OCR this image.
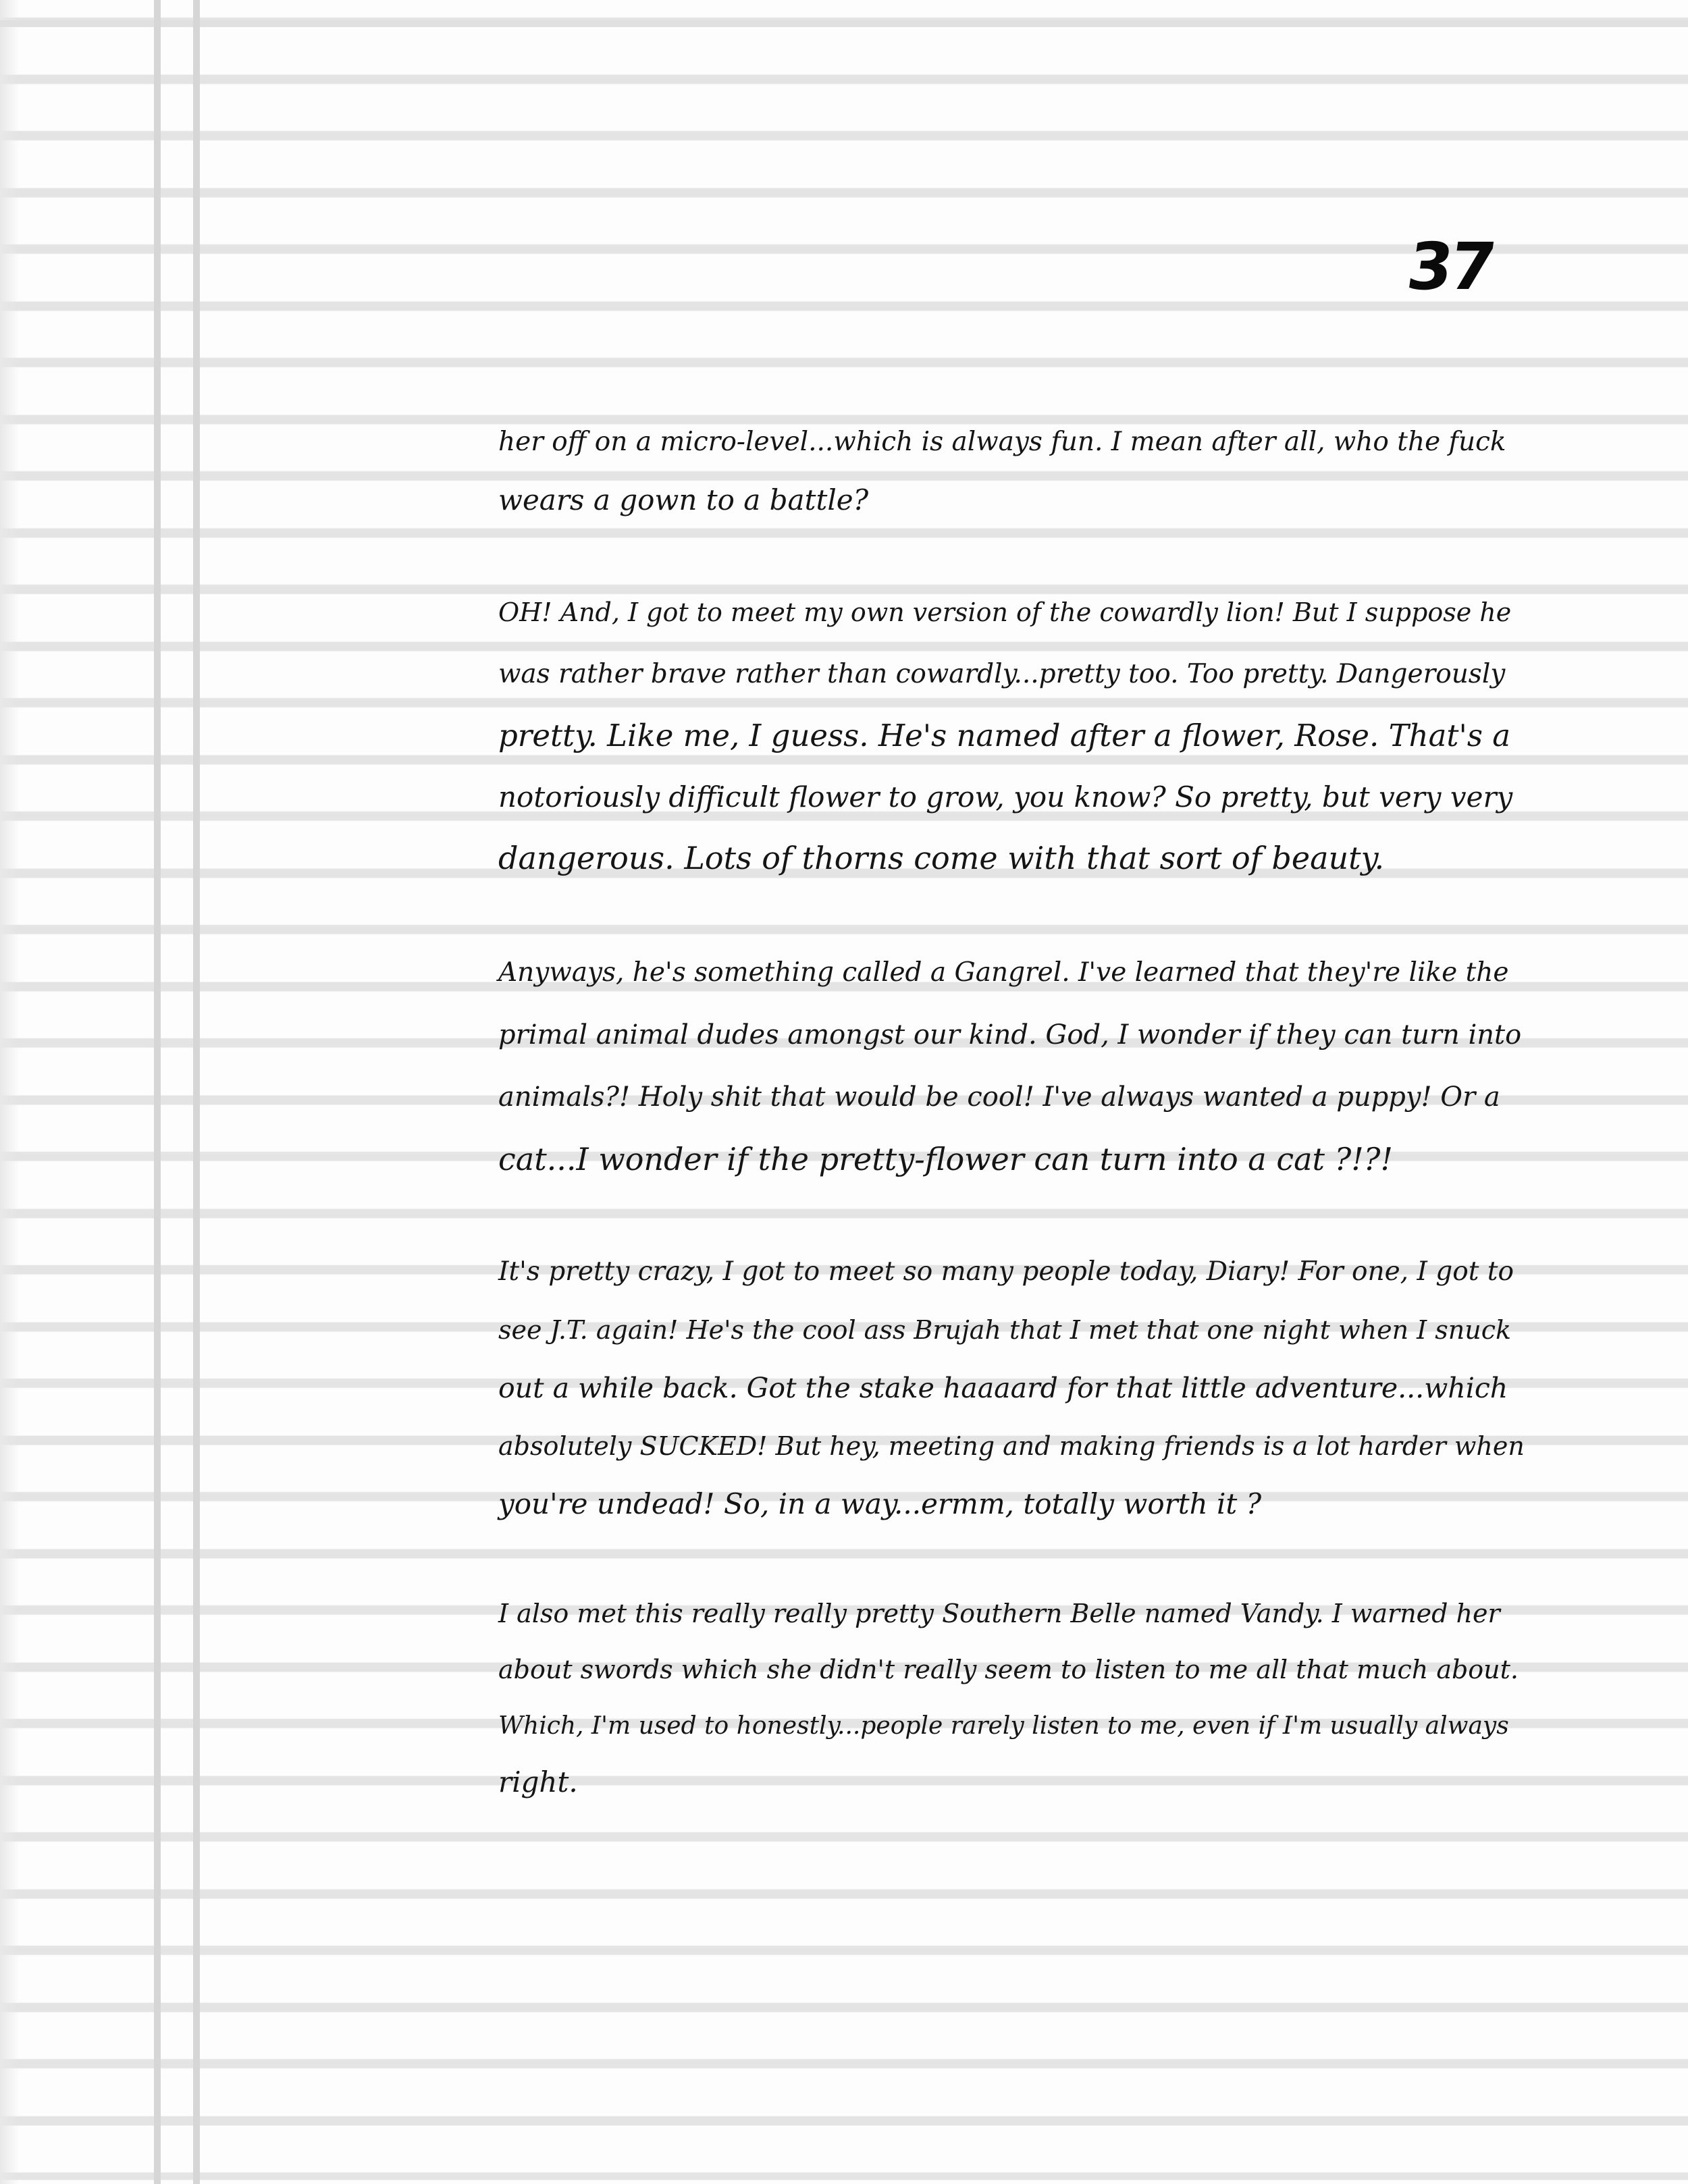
37
her off on a micro-level...which is always fun. I mean after all, who the fuck
wears a gown to a battle?
OH! And, I got to meet my own version of the cowardly lion! But I suppose he
was rather brave rather than cowardly...pretty too. Too pretty. Dangerously
pretty. Like me, I guess. He's named after a flower, Rose. That's a
notoriously difficult flower to grow, you know? So pretty, but very very
dangerous. Lots of thorns come with that sort of beauty.
Anyways, he's something called a Gangrel. I've learned that they're like the
primal animal dudes amongst our kind. God, I wonder if they can turn into
animals?! Holy shit that would be cool! I've always wanted a puppy! Or a
cat...I wonder if the pretty-flower can turn into a cat ?!?!
It's pretty crazy, I got to meet so many people today, Diary! For one, I got to
see J.T. again! He's the cool ass Brujah that I met that one night when I snuck
out a while back. Got the stake haaaard for that little adventure...which
absolutely SUCKED! But hey, meeting and making friends is a lot harder when
you're undead! So, in a way...ermm, totally worth it ?
I also met this really really pretty Southern Belle named Vandy. I warned her
about swords which she didn't really seem to listen to me all that much about.
Which, I'm used to honestly...people rarely listen to me, even if I'm usually always
right.
